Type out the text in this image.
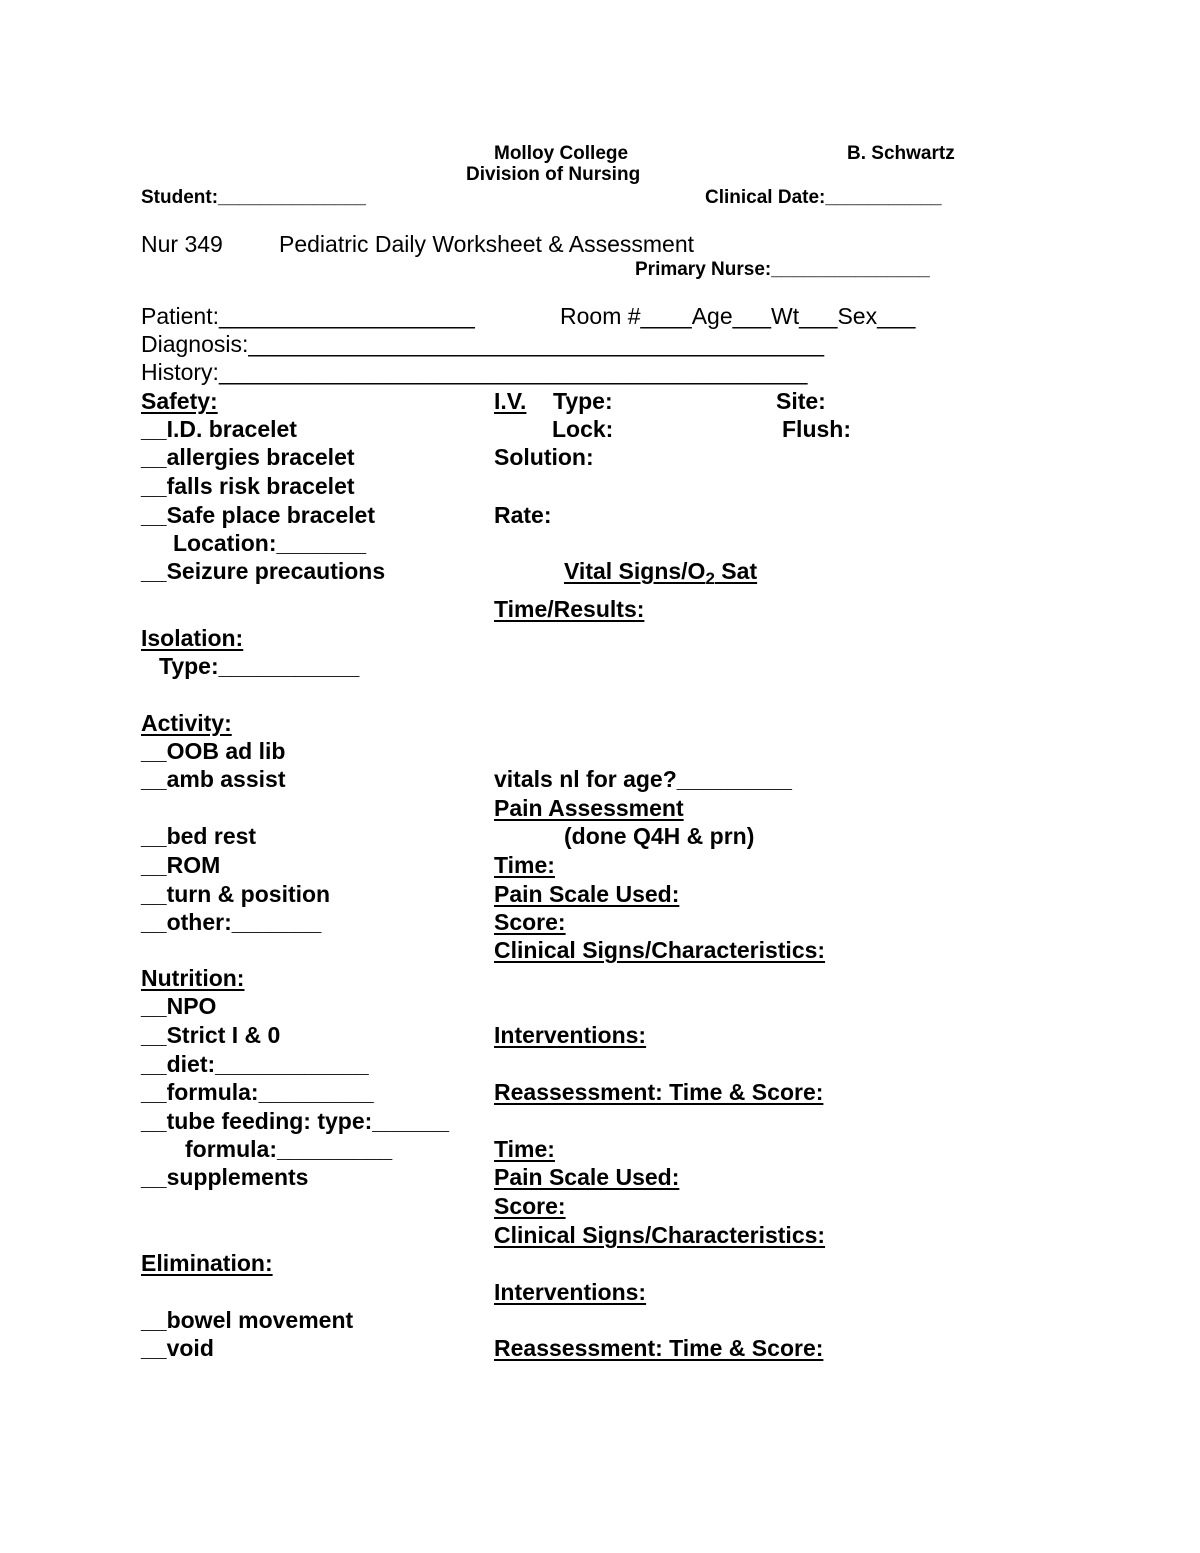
Molloy College
Division of Nursing
B. Schwartz
Student:______________	Clinical Date:___________
Nur 349 Pediatric Daily Worksheet & Assessment
Primary Nurse:_______________
Patient:____________________	Room #____Age___Wt___Sex___
Diagnosis:_____________________________________________
History:______________________________________________
Safety:
__I.D. bracelet
__allergies bracelet
__falls risk bracelet
__Safe place bracelet
Location:_______
__Seizure precautions
Isolation:
Type:___________
Activity:
__OOB ad lib
__amb assist
__bed rest
__ROM
__turn & position
__other:_______
Nutrition:
__NPO
__Strict I & 0
__diet:____________
__formula:_________
__tube feeding: type:______
formula:_________
__supplements
Elimination:
__bowel movement
__void
I.V. Type:	Site:
Lock:	Flush:
Solution:
Rate:
Vital Signs/$O_2$ Sat
Time/Results:
vitals nl for age?_________
Pain Assessment
(done Q4H & prn)
Time:
Pain Scale Used:
Score:
Clinical Signs/Characteristics:
Interventions:
Reassessment: Time & Score:
Time:
Pain Scale Used:
Score:
Clinical Signs/Characteristics:
Interventions:
Reassessment: Time & Score:
